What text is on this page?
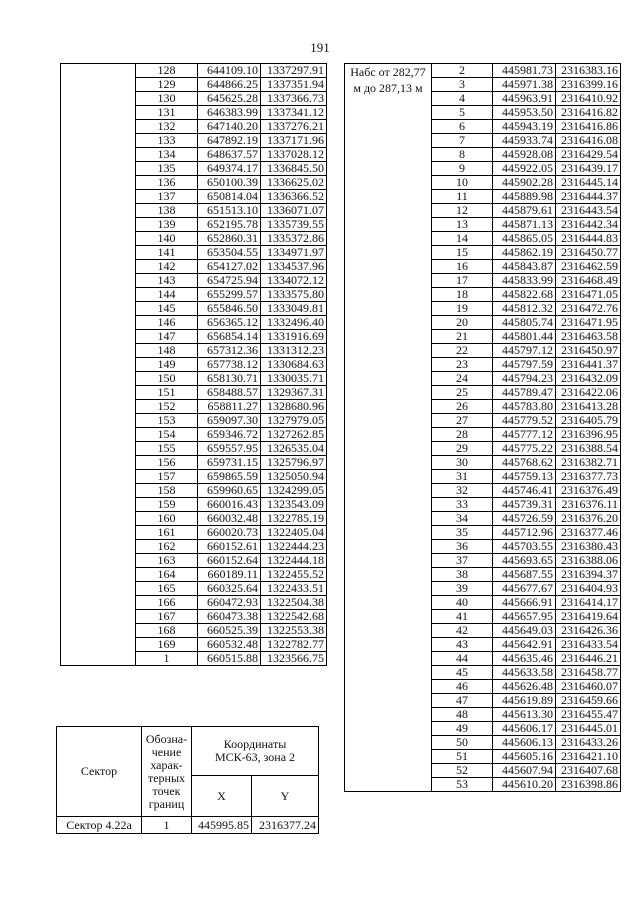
191
	128	644109.10	1337297.91
	129	644866.25	1337351.94
	130	645625.28	1337366.73
	131	646383.99	1337341.12
	132	647140.20	1337276.21
	133	647892.19	1337171.96
	134	648637.57	1337028.12
	135	649374.17	1336845.50
	136	650100.39	1336625.02
	137	650814.04	1336366.52
	138	651513.10	1336071.07
	139	652195.78	1335739.55
	140	652860.31	1335372.86
	141	653504.55	1334971.97
	142	654127.02	1334537.96
	143	654725.94	1334072.12
	144	655299.57	1333575.80
	145	655846.50	1333049.81
	146	656365.12	1332496.40
	147	656854.14	1331916.69
	148	657312.36	1331312.23
	149	657738.12	1330684.63
	150	658130.71	1330035.71
	151	658488.57	1329367.31
	152	658811.27	1328680.96
	153	659097.30	1327979.05
	154	659346.72	1327262.85
	155	659557.95	1326535.04
	156	659731.15	1325796.97
	157	659865.59	1325050.94
	158	659960.65	1324299.05
	159	660016.43	1323543.09
	160	660032.48	1322785.19
	161	660020.73	1322405.04
	162	660152.61	1322444.23
	163	660152.64	1322444.18
	164	660189.11	1322455.52
	165	660325.64	1322433.51
	166	660472.93	1322504.38
	167	660473.38	1322542.68
	168	660525.39	1322553.38
	169	660532.48	1322782.77
	1	660515.88	1323566.75
Набс от 282,77 м до 287,13 м	2	445981.73	2316383.16
	3	445971.38	2316399.16
	4	445963.91	2316410.92
	5	445953.50	2316416.82
	6	445943.19	2316416.86
	7	445933.74	2316416.08
	8	445928.08	2316429.54
	9	445922.05	2316439.17
	10	445902.28	2316445.14
	11	445889.98	2316444.37
	12	445879.61	2316443.54
	13	445871.13	2316442.34
	14	445865.05	2316444.83
	15	445862.19	2316450.77
	16	445843.87	2316462.59
	17	445833.99	2316468.49
	18	445822.68	2316471.05
	19	445812.32	2316472.76
	20	445805.74	2316471.95
	21	445801.44	2316463.58
	22	445797.12	2316450.97
	23	445797.59	2316441.37
	24	445794.23	2316432.09
	25	445789.47	2316422.06
	26	445783.80	2316413.28
	27	445779.52	2316405.79
	28	445777.12	2316396.95
	29	445775.22	2316388.54
	30	445768.62	2316382.71
	31	445759.13	2316377.73
	32	445746.41	2316376.49
	33	445739.31	2316376.11
	34	445726.59	2316376.20
	35	445712.96	2316377.46
	36	445703.55	2316380.43
	37	445693.65	2316388.06
	38	445687.55	2316394.37
	39	445677.67	2316404.93
	40	445666.91	2316414.17
	41	445657.95	2316419.64
	42	445649.03	2316426.36
	43	445642.91	2316433.54
	44	445635.46	2316446.21
	45	445633.58	2316458.77
	46	445626.48	2316460.07
	47	445619.89	2316459.66
	48	445613.30	2316455.47
	49	445606.17	2316445.01
	50	445606.13	2316433.26
	51	445605.16	2316421.10
	52	445607.94	2316407.68
	53	445610.20	2316398.86
Сектор	Обозна-чение харак-терных точек границ	Координаты МСК-63, зона 2	
		X	Y
Сектор 4.22а	1	445995.85	2316377.24
